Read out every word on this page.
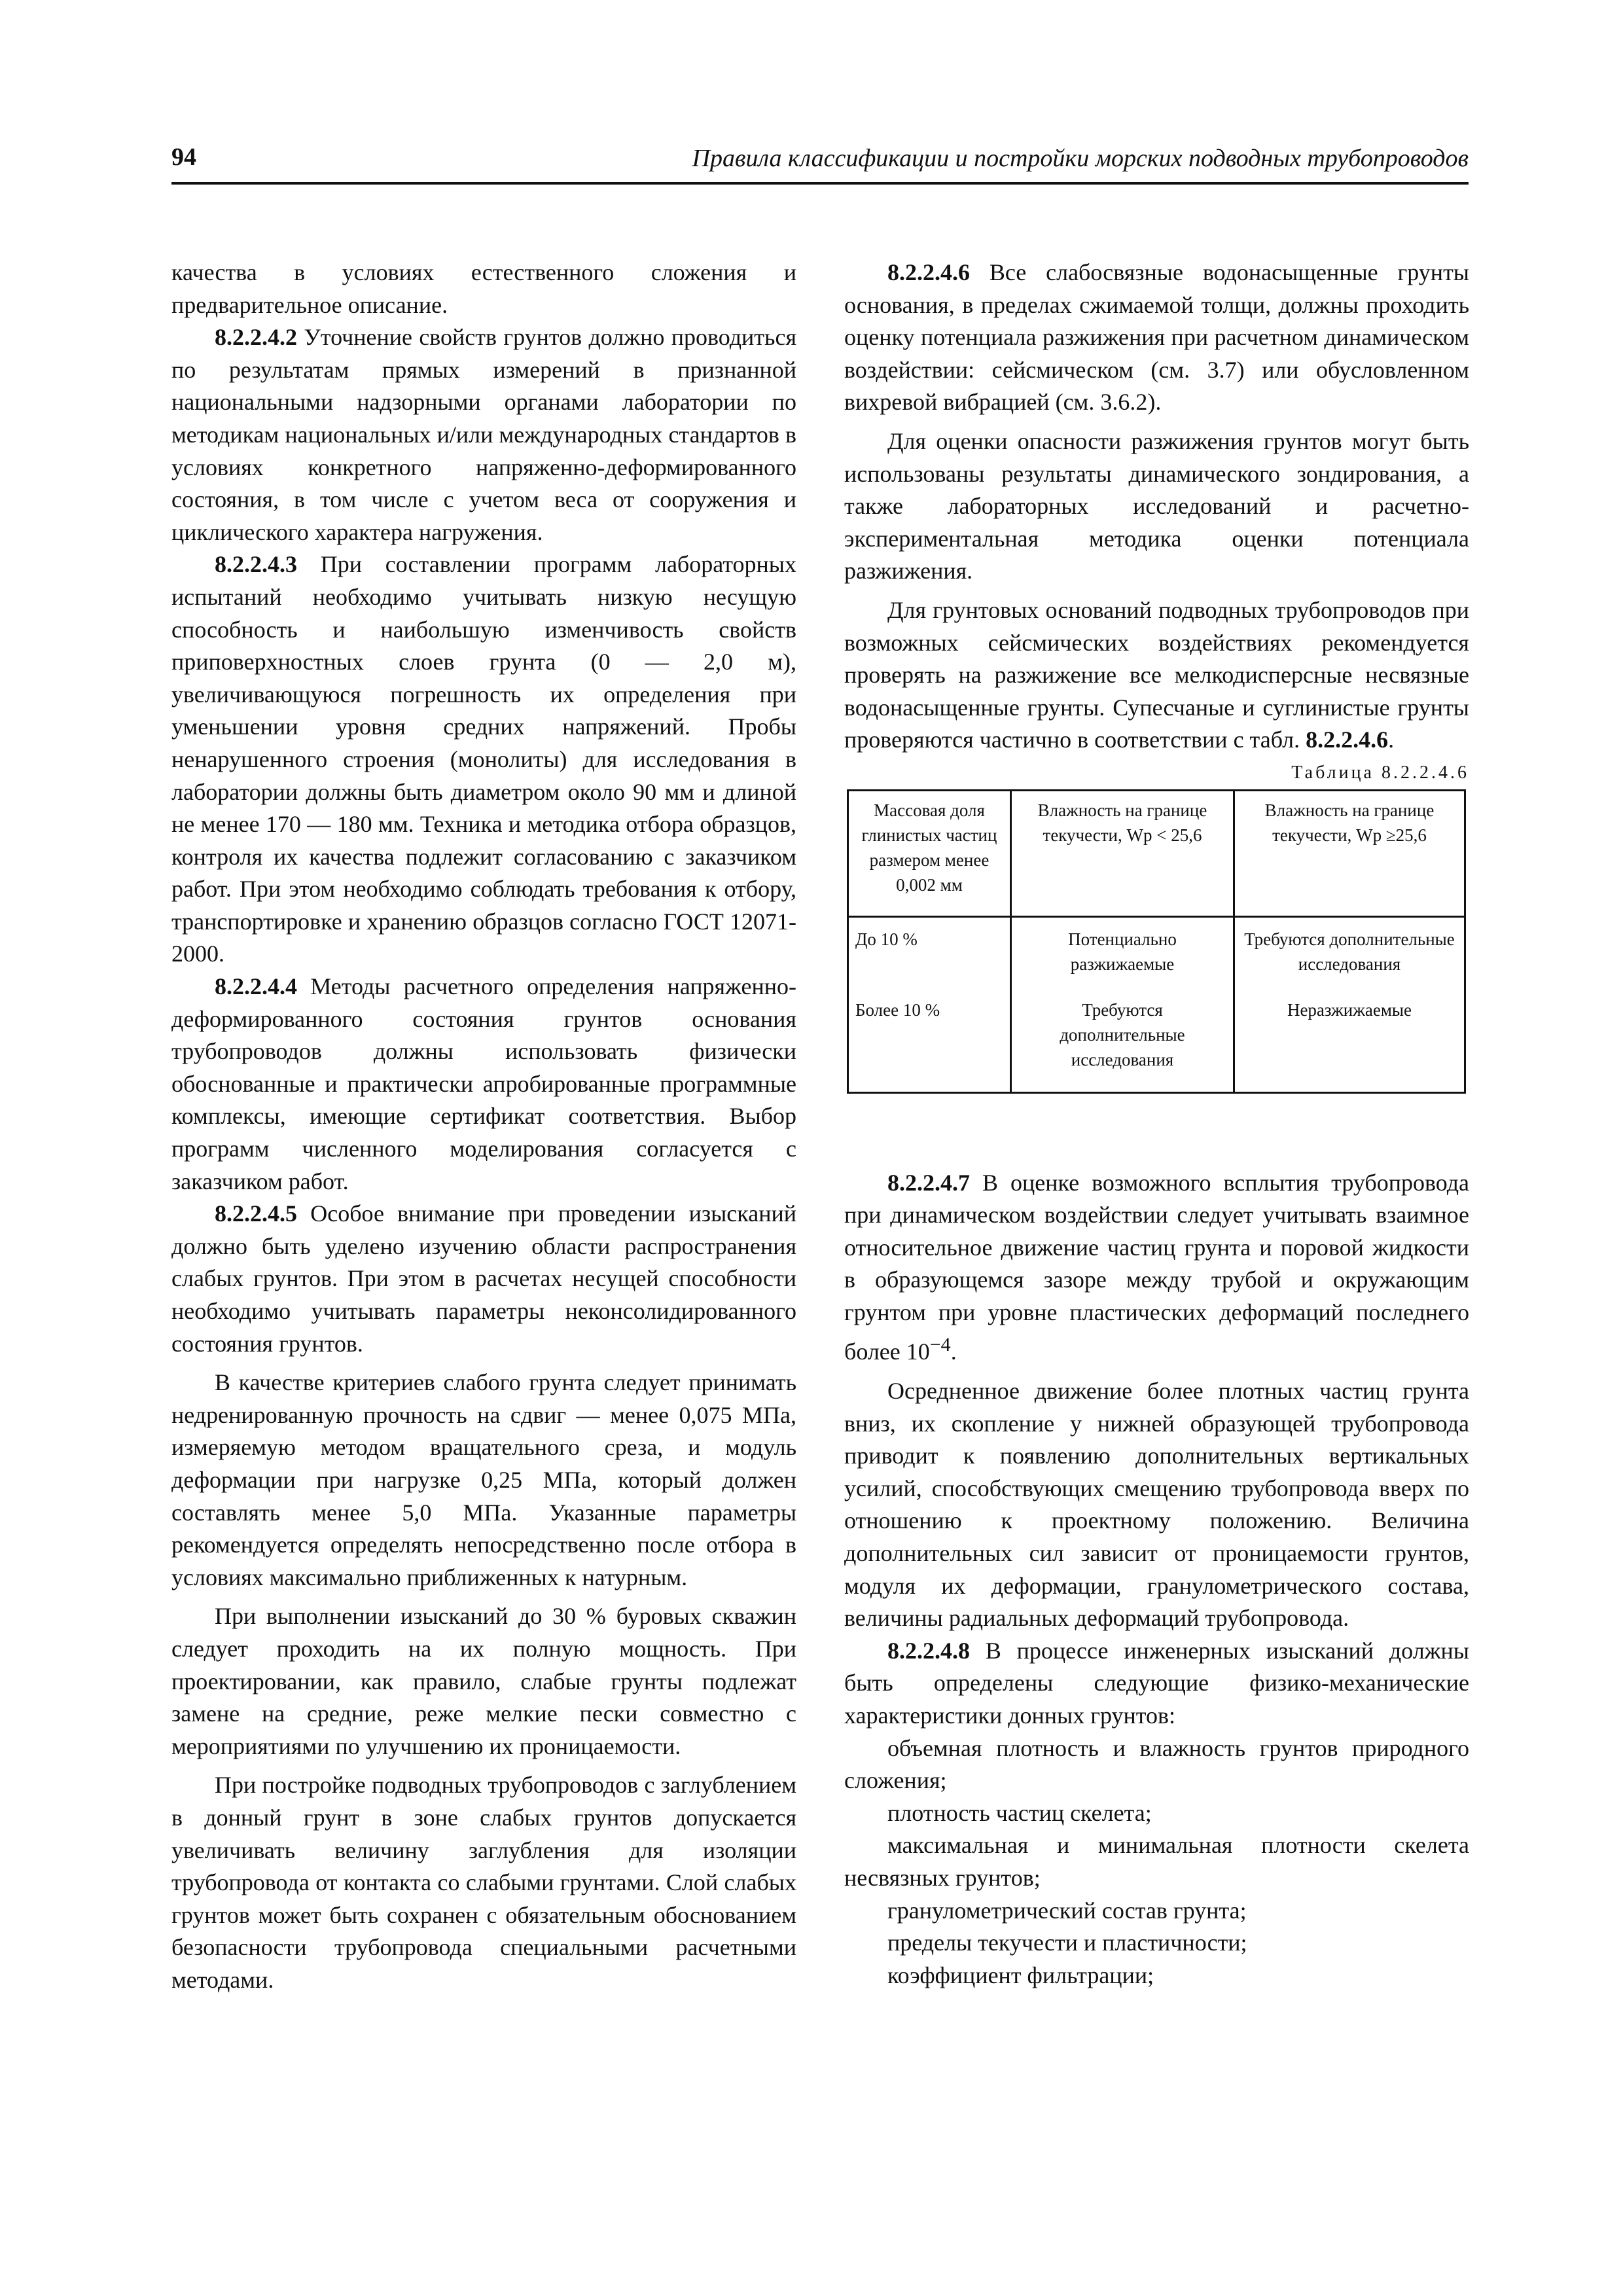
94	Правила классификации и постройки морских подводных трубопроводов

качества в условиях естественного сложения и предварительное описание.

8.2.2.4.2 Уточнение свойств грунтов должно проводиться по результатам прямых измерений в признанной национальными надзорными органами лаборатории по методикам национальных и/или международных стандартов в условиях конкретного напряженно-деформированного состояния, в том числе с учетом веса от сооружения и циклического характера нагружения.

8.2.2.4.3 При составлении программ лабораторных испытаний необходимо учитывать низкую несущую способность и наибольшую изменчивость свойств приповерхностных слоев грунта (0 — 2,0 м), увеличивающуюся погрешность их определения при уменьшении уровня средних напряжений. Пробы ненарушенного строения (монолиты) для исследования в лаборатории должны быть диаметром около 90 мм и длиной не менее 170 — 180 мм. Техника и методика отбора образцов, контроля их качества подлежит согласованию с заказчиком работ. При этом необходимо соблюдать требования к отбору, транспортировке и хранению образцов согласно ГОСТ 12071-2000.

8.2.2.4.4 Методы расчетного определения напряженно-деформированного состояния грунтов основания трубопроводов должны использовать физически обоснованные и практически апробированные программные комплексы, имеющие сертификат соответствия. Выбор программ численного моделирования согласуется с заказчиком работ.

8.2.2.4.5 Особое внимание при проведении изысканий должно быть уделено изучению области распространения слабых грунтов. При этом в расчетах несущей способности необходимо учитывать параметры неконсолидированного состояния грунтов.

В качестве критериев слабого грунта следует принимать недренированную прочность на сдвиг — менее 0,075 МПа, измеряемую методом вращательного среза, и модуль деформации при нагрузке 0,25 МПа, который должен составлять менее 5,0 МПа. Указанные параметры рекомендуется определять непосредственно после отбора в условиях максимально приближенных к натурным.

При выполнении изысканий до 30 % буровых скважин следует проходить на их полную мощность. При проектировании, как правило, слабые грунты подлежат замене на средние, реже мелкие пески совместно с мероприятиями по улучшению их проницаемости.

При постройке подводных трубопроводов с заглублением в донный грунт в зоне слабых грунтов допускается увеличивать величину заглубления для изоляции трубопровода от контакта со слабыми грунтами. Слой слабых грунтов может быть сохранен с обязательным обоснованием безопасности трубопровода специальными расчетными методами.

8.2.2.4.6 Все слабосвязные водонасыщенные грунты основания, в пределах сжимаемой толщи, должны проходить оценку потенциала разжижения при расчетном динамическом воздействии: сейсмическом (см. 3.7) или обусловленном вихревой вибрацией (см. 3.6.2).

Для оценки опасности разжижения грунтов могут быть использованы результаты динамического зондирования, а также лабораторных исследований и расчетно-экспериментальная методика оценки потенциала разжижения.

Для грунтовых оснований подводных трубопроводов при возможных сейсмических воздействиях рекомендуется проверять на разжижение все мелкодисперсные несвязные водонасыщенные грунты. Супесчаные и суглинистые грунты проверяются частично в соответствии с табл. 8.2.2.4.6.

Таблица 8.2.2.4.6

Массовая доля глинистых частиц размером менее 0,002 мм	Влажность на границе текучести, Wp < 25,6	Влажность на границе текучести, Wp ≥25,6

До 10 %	Потенциально разжижаемые	Требуются дополнительные исследования

Более 10 %	Требуются дополнительные исследования	Неразжижаемые

8.2.2.4.7 В оценке возможного всплытия трубопровода при динамическом воздействии следует учитывать взаимное относительное движение частиц грунта и поровой жидкости в образующемся зазоре между трубой и окружающим грунтом при уровне пластических деформаций последнего более $10^{-4}$.

Осредненное движение более плотных частиц грунта вниз, их скопление у нижней образующей трубопровода приводит к появлению дополнительных вертикальных усилий, способствующих смещению трубопровода вверх по отношению к проектному положению. Величина дополнительных сил зависит от проницаемости грунтов, модуля их деформации, гранулометрического состава, величины радиальных деформаций трубопровода.

8.2.2.4.8 В процессе инженерных изысканий должны быть определены следующие физико-механические характеристики донных грунтов:

объемная плотность и влажность грунтов природного сложения;

плотность частиц скелета;

максимальная и минимальная плотности скелета несвязных грунтов;

гранулометрический состав грунта;

пределы текучести и пластичности;

коэффициент фильтрации;
